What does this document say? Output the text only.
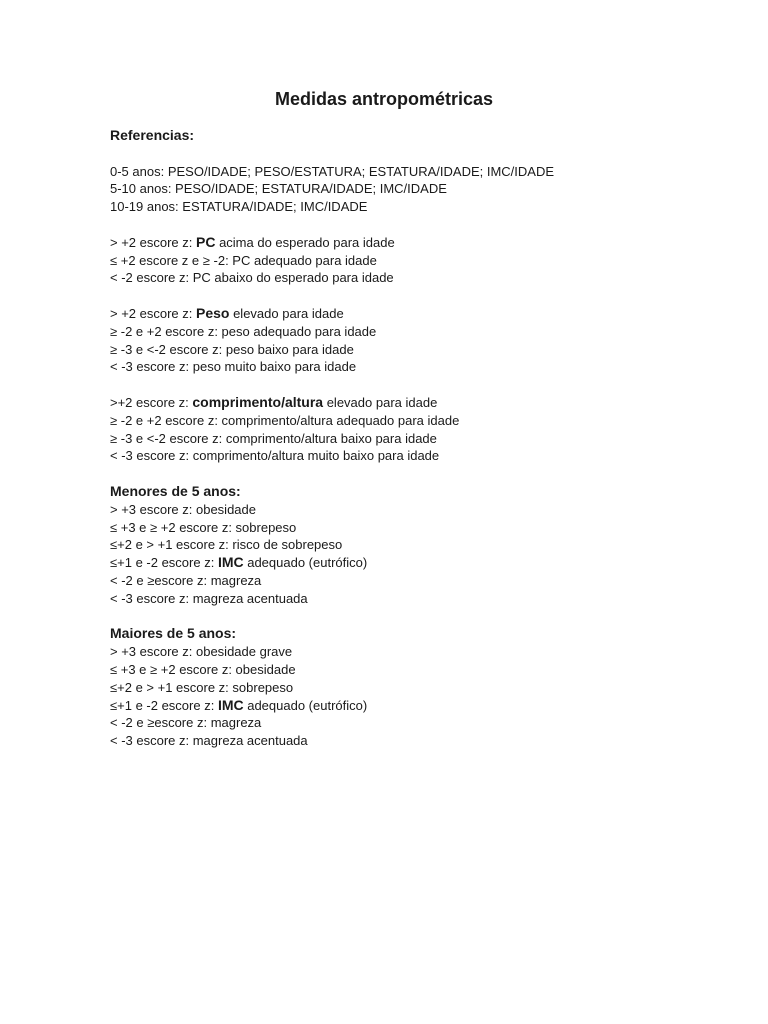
Medidas antropométricas
Referencias:
0-5 anos: PESO/IDADE; PESO/ESTATURA; ESTATURA/IDADE; IMC/IDADE
5-10 anos: PESO/IDADE; ESTATURA/IDADE; IMC/IDADE
10-19 anos: ESTATURA/IDADE; IMC/IDADE
> +2 escore z: PC acima do esperado para idade
≤ +2 escore z e ≥ -2: PC adequado para idade
< -2 escore z: PC abaixo do esperado para idade
> +2 escore z: Peso elevado para idade
≥ -2 e +2 escore z: peso adequado para idade
≥ -3 e <-2 escore z: peso baixo para idade
< -3 escore z: peso muito baixo para idade
>+2 escore z: comprimento/altura elevado para idade
≥ -2 e +2 escore z: comprimento/altura adequado para idade
≥ -3 e <-2 escore z: comprimento/altura baixo para idade
< -3 escore z: comprimento/altura muito baixo para idade
Menores de 5 anos:
> +3 escore z: obesidade
≤ +3 e ≥ +2 escore z: sobrepeso
≤+2 e > +1 escore z: risco de sobrepeso
≤+1 e -2 escore z: IMC adequado (eutrófico)
< -2 e ≥escore z: magreza
< -3 escore z: magreza acentuada
Maiores de 5 anos:
> +3 escore z: obesidade grave
≤ +3 e ≥ +2 escore z: obesidade
≤+2 e > +1 escore z: sobrepeso
≤+1 e -2 escore z: IMC adequado (eutrófico)
< -2 e ≥escore z: magreza
< -3 escore z: magreza acentuada
